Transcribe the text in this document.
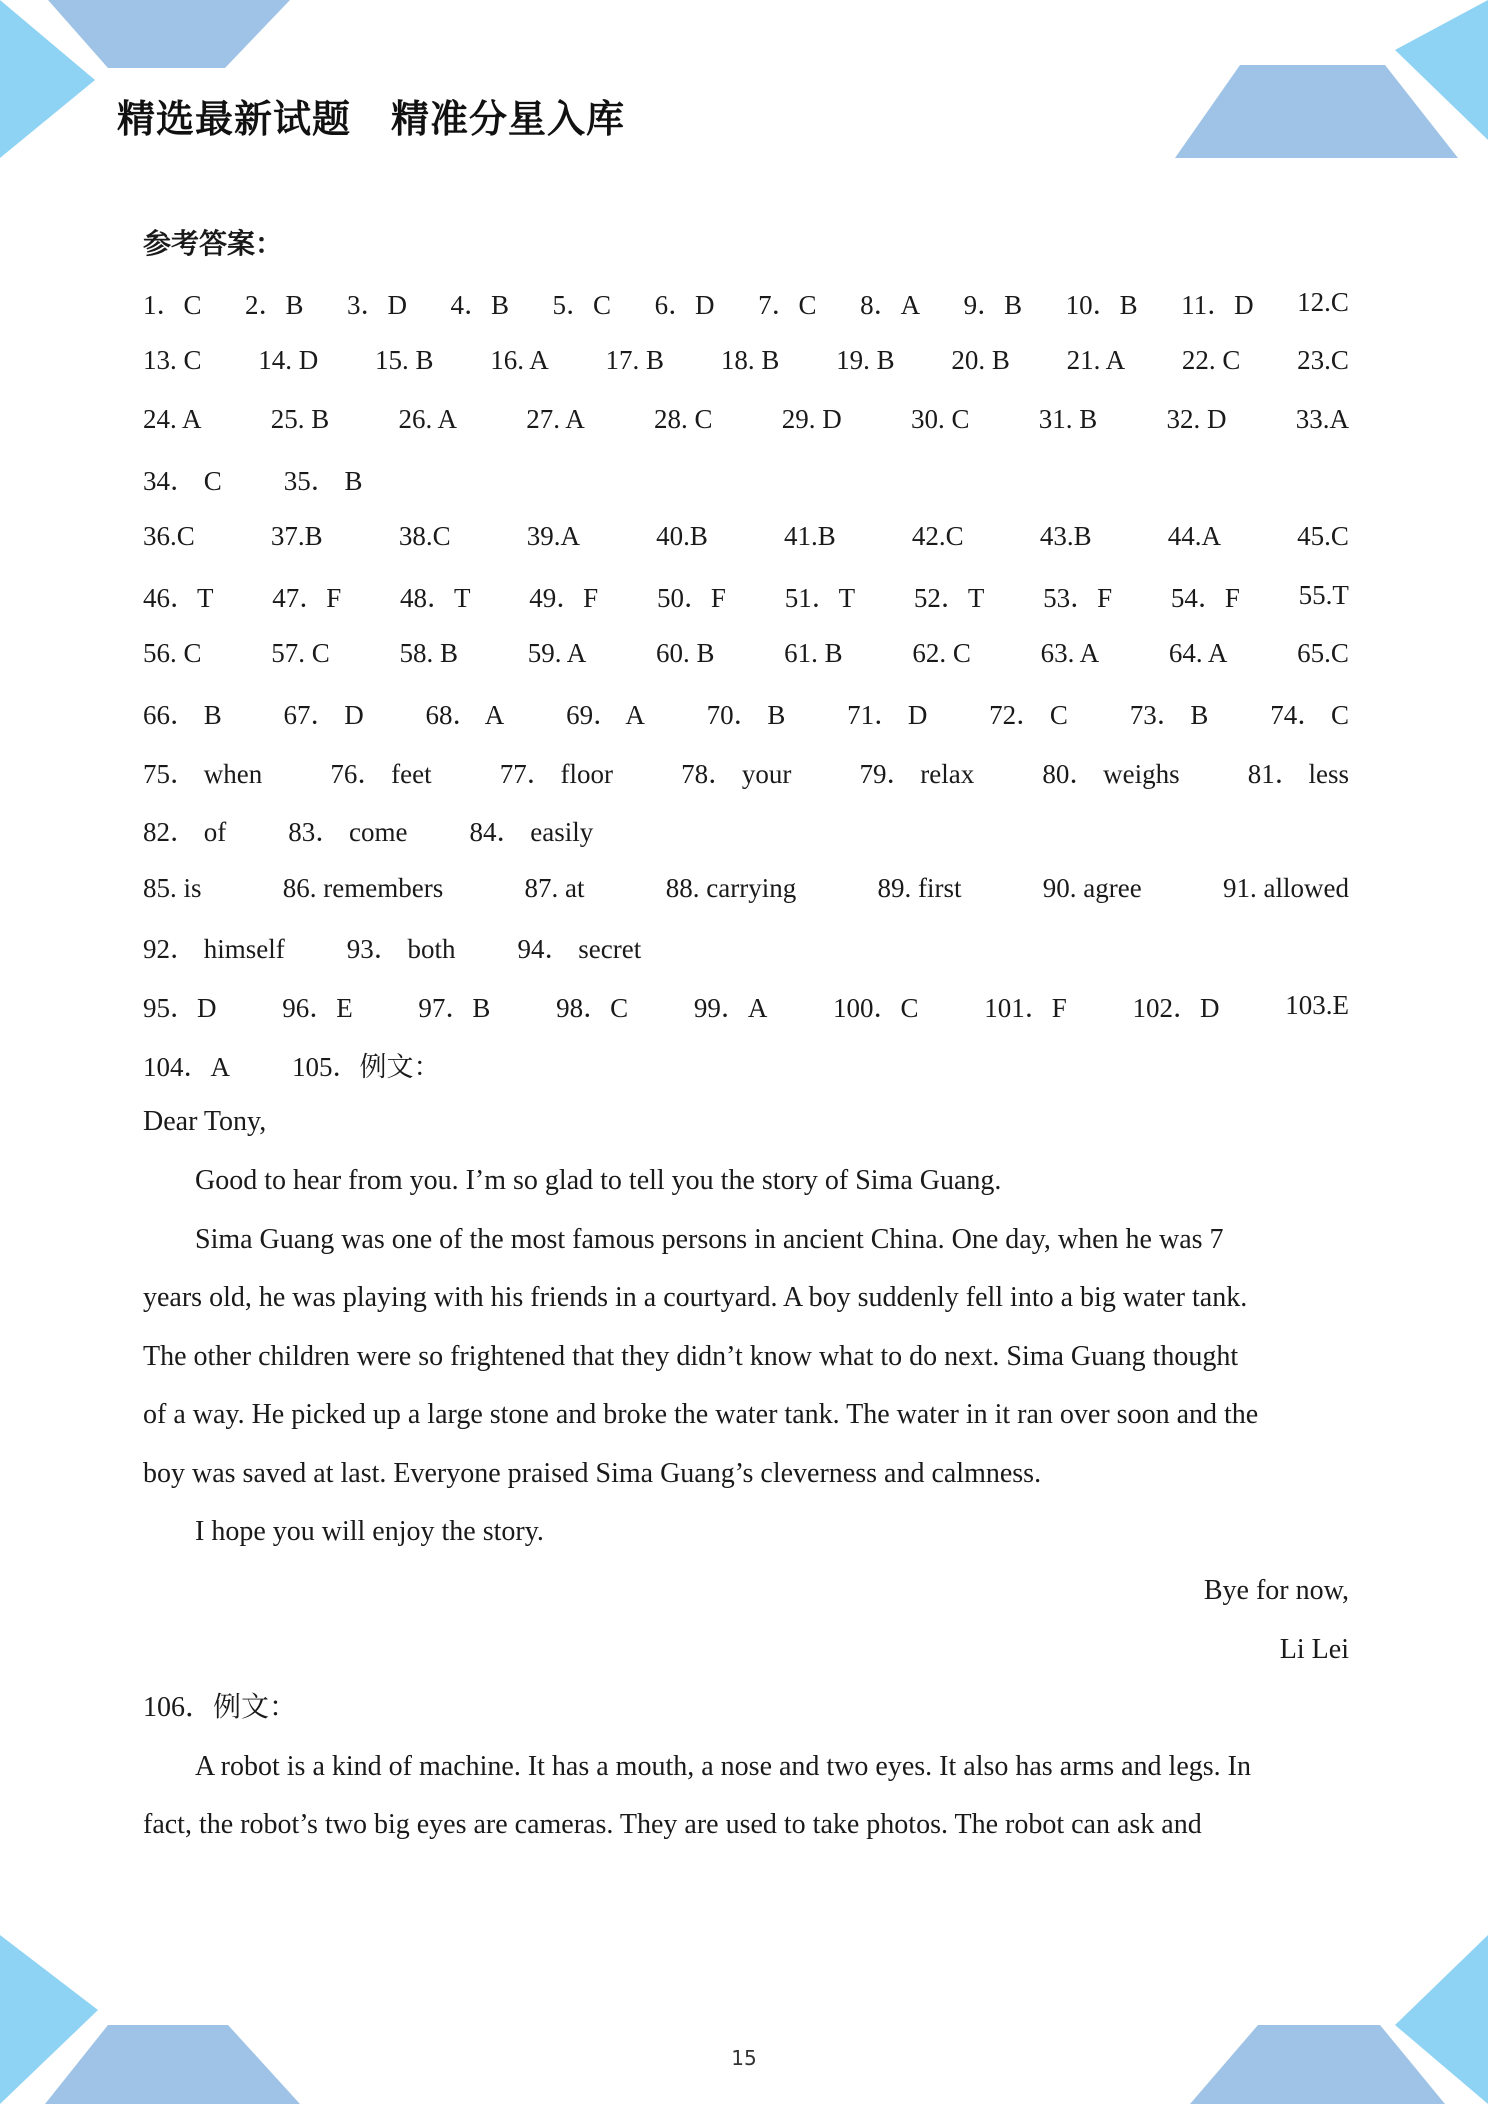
精选最新试题 精准分星入库
参考答案：
1．C 2．B 3．D 4．B 5．C 6．D 7．C 8．A 9．B 10．B 11．D 12.C
13. C 14. D 15. B 16. A 17. B 18. B 19. B 20. B 21. A 22. C 23.C
24. A	25. B	26. A	27. A	28. C	29. D	30. C	31. B	32. D	33.A
34． C 35． B
36.C	37.B	38.C	39.A	40.B	41.B	42.C	43.B	44.A	45.C
46．T 47．F 48．T 49．F 50．F 51．T 52．T 53．F 54．F 55.T
56. C	57. C	58. B	59. A	60. B	61. B	62. C	63. A	64. A	65.C
66． B 67． D 68． A 69． A 70． B 71． D 72． C 73． B 74． C
75． when	76． feet	77． floor	78． your	79． relax	80． weighs	81． less
82． of 83． come 84． easily
85. is	86. remembers	87. at	88. carrying	89. first	90. agree	91. allowed
92． himself 93． both 94． secret
95．D 96．E 97．B 98．C 99．A 100．C 101．F 102．D 103.E
104．A 105．例文：
Dear Tony,
Good to hear from you. I’m so glad to tell you the story of Sima Guang.
Sima Guang was one of the most famous persons in ancient China. One day, when he was 7
years old, he was playing with his friends in a courtyard. A boy suddenly fell into a big water tank.
The other children were so frightened that they didn’t know what to do next. Sima Guang thought
of a way. He picked up a large stone and broke the water tank. The water in it ran over soon and the
boy was saved at last. Everyone praised Sima Guang’s cleverness and calmness.
I hope you will enjoy the story.
Bye for now,
Li Lei
106．例文：
A robot is a kind of machine. It has a mouth, a nose and two eyes. It also has arms and legs. In
fact, the robot’s two big eyes are cameras. They are used to take photos. The robot can ask and
15
